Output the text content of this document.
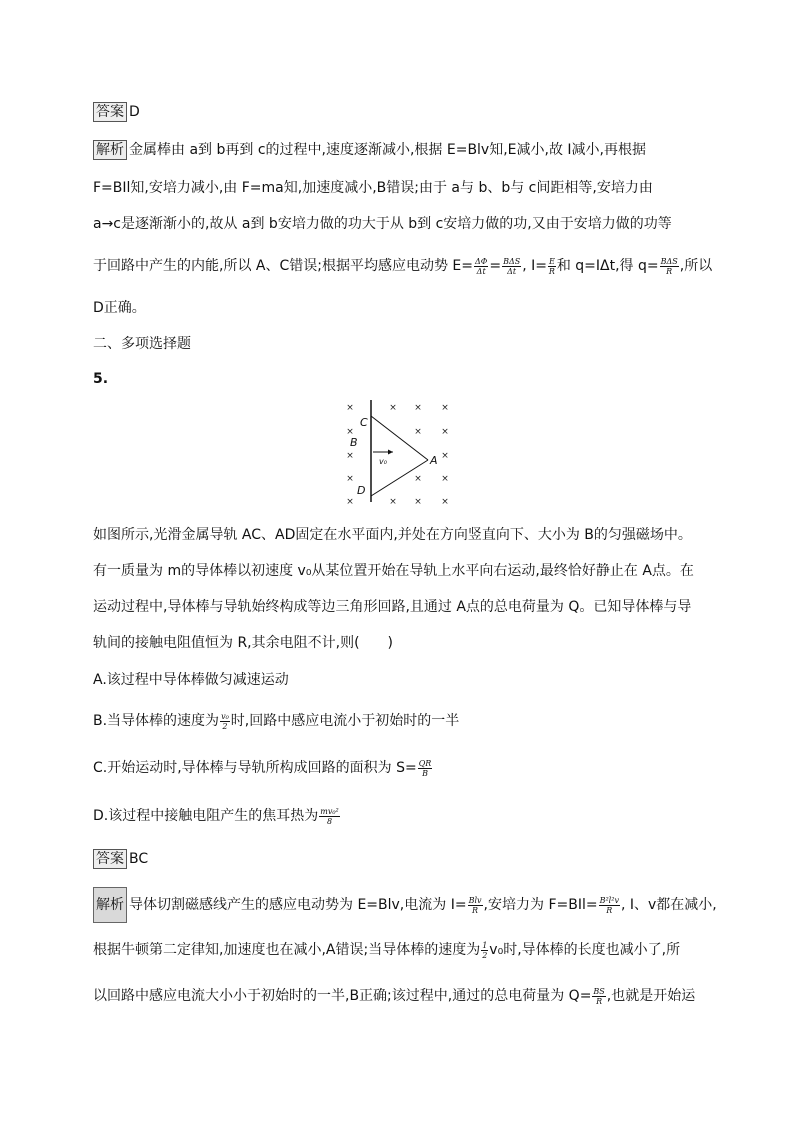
答案 D
解析 金属棒由 a到 b再到 c的过程中,速度逐渐减小,根据 E=Blv知,E减小,故 I减小,再根据
F=BIl知,安培力减小,由 F=ma知,加速度减小,B错误;由于 a与 b、b与 c间距相等,安培力由
a→c是逐渐渐小的,故从 a到 b安培力做的功大于从 b到 c安培力做的功,又由于安培力做的功等
于回路中产生的内能,所以 A、C错误;根据平均感应电动势 $E= \frac{\Delta\Phi}{\Delta t} = \frac{\text{BΔS}}{\Delta t}$ , $I= \frac{E}{R}$ 和 q=IΔt,得 $q= \frac{\text{BΔS}}{R}$ ,所以
D正确。
二、多项选择题
5.
×	× × ×
×	× ×
×	×
×	× ×
×	× × ×
C
B
v₀	A
D
如图所示,光滑金属导轨 AC、AD固定在水平面内,并处在方向竖直向下、大小为 B的匀强磁场中。
有一质量为 m的导体棒以初速度 v₀从某位置开始在导轨上水平向右运动,最终恰好静止在 A点。在
运动过程中,导体棒与导轨始终构成等边三角形回路,且通过 A点的总电荷量为 Q。已知导体棒与导
轨间的接触电阻值恒为 R,其余电阻不计,则(　　)
A.该过程中导体棒做匀减速运动
B.当导体棒的速度为 $\frac{\text{v₀}}{2}$ 时,回路中感应电流小于初始时的一半
C.开始运动时,导体棒与导轨所构成回路的面积为 $S= \frac{QR}{B}$
D.该过程中接触电阻产生的焦耳热为 $\frac{\text{mv₀²}}{8}$
答案 BC
解析 导体切割磁感线产生的感应电动势为 E=Blv,电流为 $I= \frac{\text{Blv}}{R}$ ,安培力为 $F=BIl= \frac{\text{B²l²v}}{R}$ , I、v都在减小,
根据牛顿第二定律知,加速度也在减小,A错误;当导体棒的速度为 $\frac{1}{2} v_0$时,导体棒的长度也减小了,所
以回路中感应电流大小小于初始时的一半,B正确;该过程中,通过的总电荷量为 $Q= \frac{BS}{R}$ ,也就是开始运
